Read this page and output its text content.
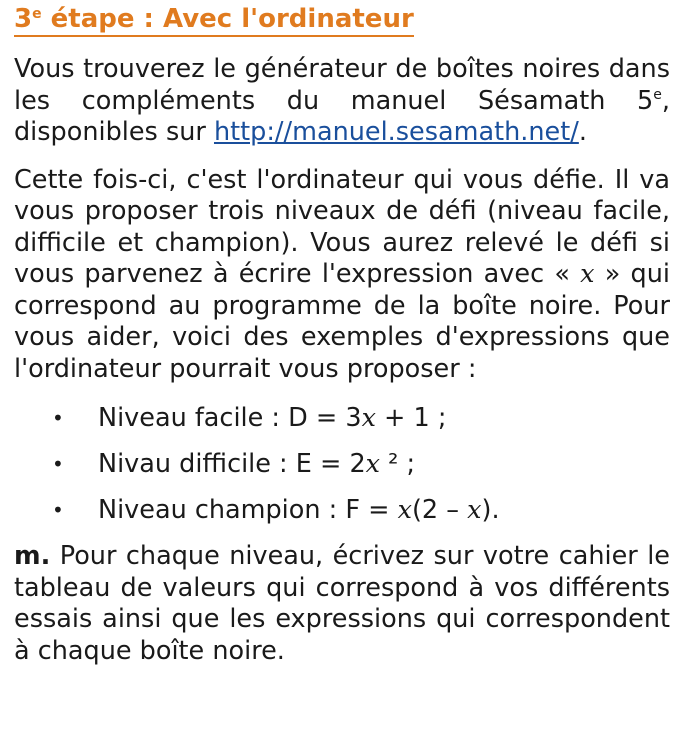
3e étape : Avec l'ordinateur

Vous trouverez le générateur de boîtes noires dans les compléments du manuel Sésamath 5e, disponibles sur http://manuel.sesamath.net/.

Cette fois-ci, c'est l'ordinateur qui vous défie. Il va vous proposer trois niveaux de défi (niveau facile, difficile et champion). Vous aurez relevé le défi si vous parvenez à écrire l'expression avec « x » qui correspond au programme de la boîte noire. Pour vous aider, voici des exemples d'expressions que l'ordinateur pourrait vous proposer :

• Niveau facile : D = 3x + 1 ;
• Nivau difficile : E = 2x ² ;
• Niveau champion : F = x(2 – x).

m. Pour chaque niveau, écrivez sur votre cahier le tableau de valeurs qui correspond à vos différents essais ainsi que les expressions qui correspondent à chaque boîte noire.
